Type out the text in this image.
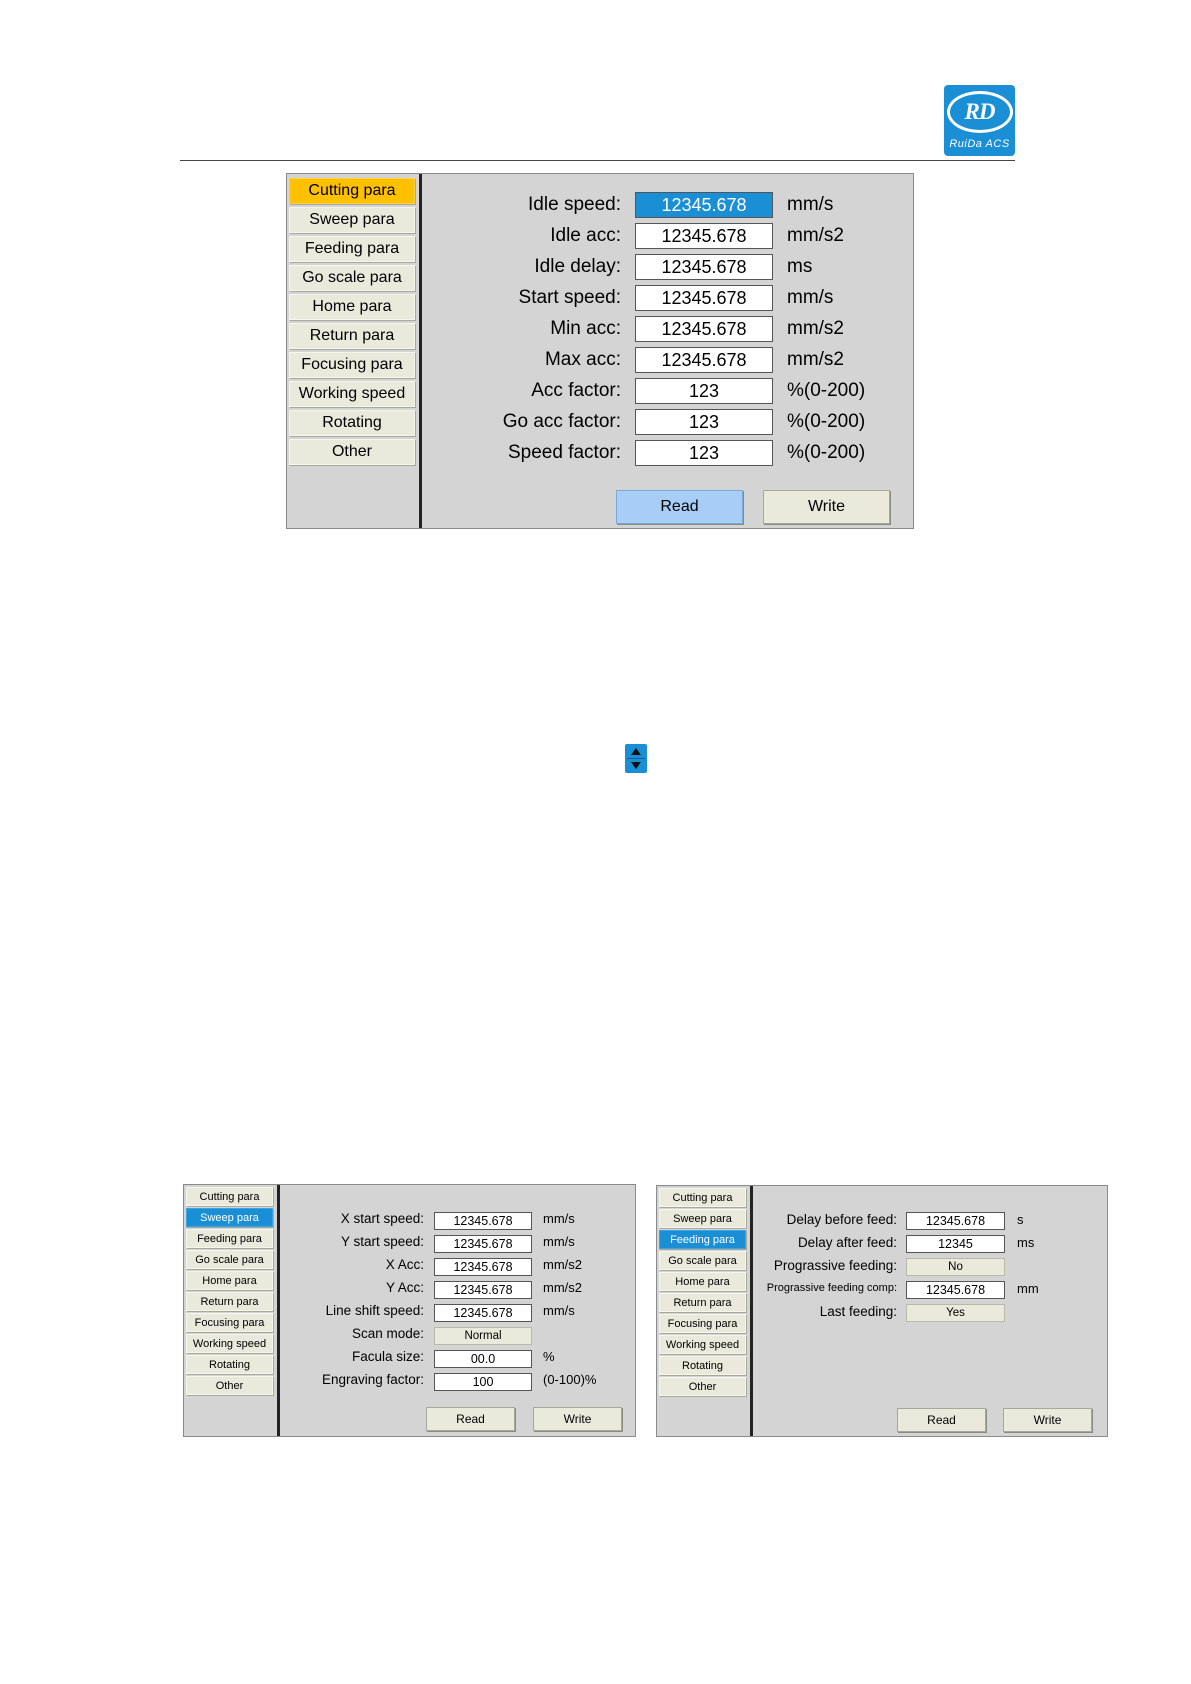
RD
RuiDa ACS
Cutting para
Sweep para
Feeding para
Go scale para
Home para
Return para
Focusing para
Working speed
Rotating
Other
Idle speed:	12345.678	mm/s
Idle acc:	12345.678	mm/s2
Idle delay:	12345.678	ms
Start speed:	12345.678	mm/s
Min acc:	12345.678	mm/s2
Max acc:	12345.678	mm/s2
Acc factor:	123	%(0-200)
Go acc factor:	123	%(0-200)
Speed factor:	123	%(0-200)
Read	Write
Cutting para
Sweep para
Feeding para
Go scale para
Home para
Return para
Focusing para
Working speed
Rotating
Other
X start speed:	12345.678	mm/s
Y start speed:	12345.678	mm/s
X Acc:	12345.678	mm/s2
Y Acc:	12345.678	mm/s2
Line shift speed:	12345.678	mm/s
Scan mode:	Normal
Facula size:	00.0	%
Engraving factor:	100	(0-100)%
Read	Write
Cutting para
Sweep para
Feeding para
Go scale para
Home para
Return para
Focusing para
Working speed
Rotating
Other
Delay before feed:	12345.678	s
Delay after feed:	12345	ms
Prograssive feeding:	No
Prograssive feeding comp:	12345.678	mm
Last feeding:	Yes
Read	Write
